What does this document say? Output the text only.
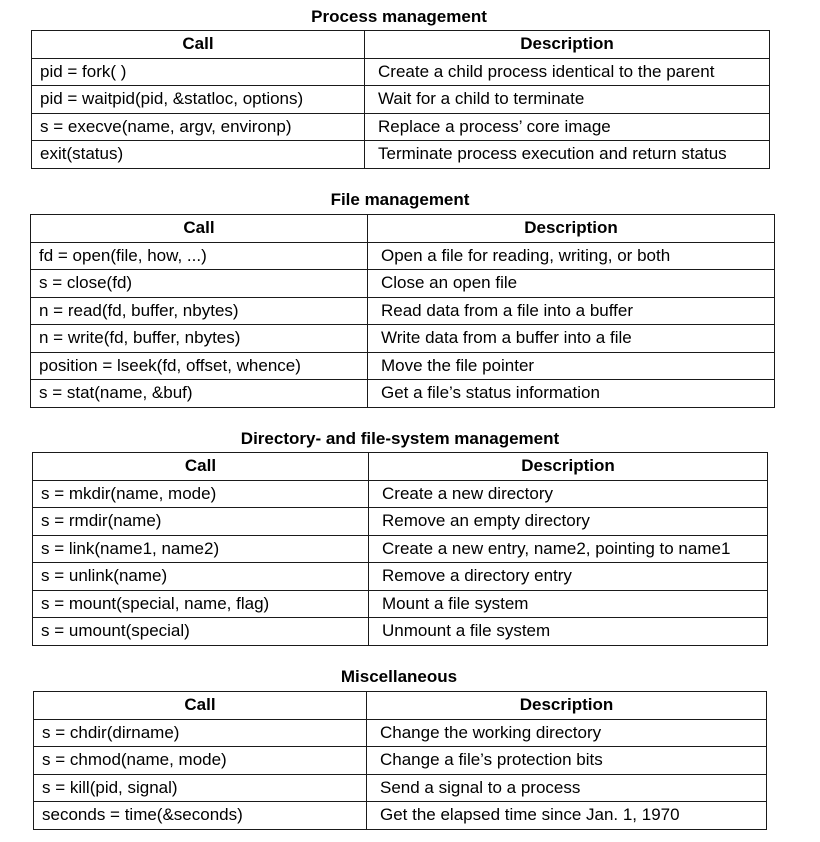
Process management
Call	Description
pid = fork( )	Create a child process identical to the parent
pid = waitpid(pid, &statloc, options)	Wait for a child to terminate
s = execve(name, argv, environp)	Replace a process’ core image
exit(status)	Terminate process execution and return status
File management
Call	Description
fd = open(file, how, ...)	Open a file for reading, writing, or both
s = close(fd)	Close an open file
n = read(fd, buffer, nbytes)	Read data from a file into a buffer
n = write(fd, buffer, nbytes)	Write data from a buffer into a file
position = lseek(fd, offset, whence)	Move the file pointer
s = stat(name, &buf)	Get a file’s status information
Directory- and file-system management
Call	Description
s = mkdir(name, mode)	Create a new directory
s = rmdir(name)	Remove an empty directory
s = link(name1, name2)	Create a new entry, name2, pointing to name1
s = unlink(name)	Remove a directory entry
s = mount(special, name, flag)	Mount a file system
s = umount(special)	Unmount a file system
Miscellaneous
Call	Description
s = chdir(dirname)	Change the working directory
s = chmod(name, mode)	Change a file’s protection bits
s = kill(pid, signal)	Send a signal to a process
seconds = time(&seconds)	Get the elapsed time since Jan. 1, 1970
